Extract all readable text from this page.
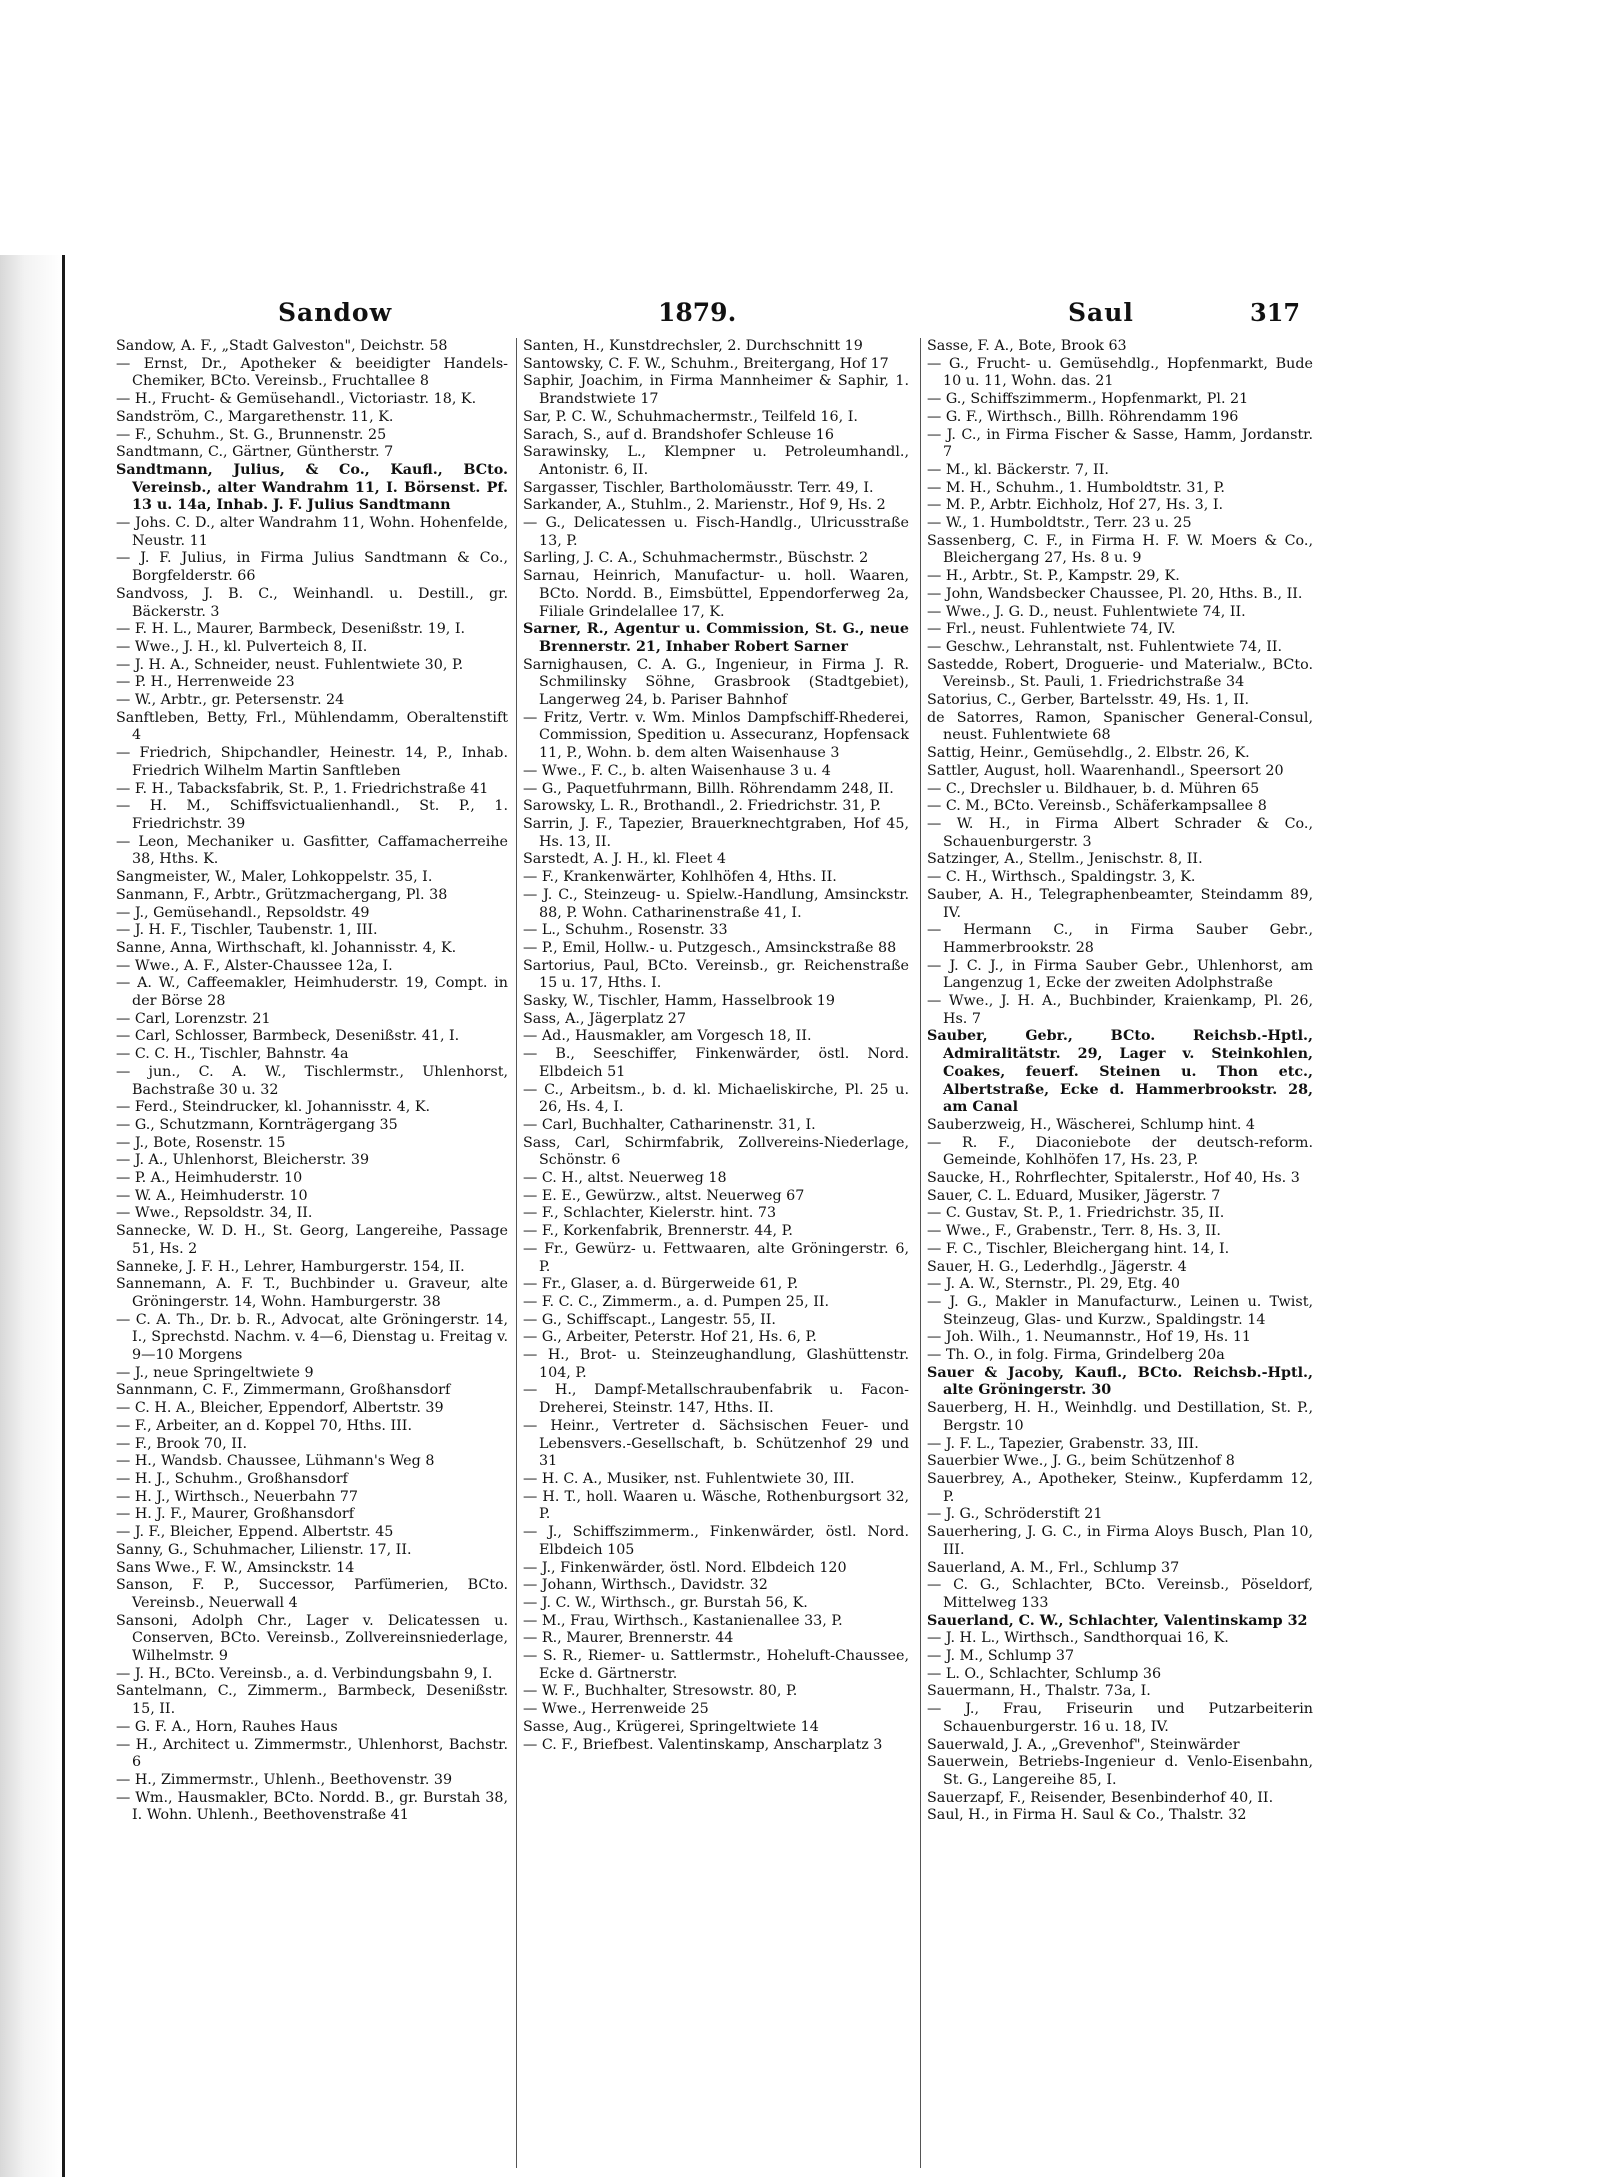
Sandow	1879.	Saul	317

Sandow, A. F., „Stadt Galveston", Deichstr. 58

— Ernst, Dr., Apotheker & beeidigter Handels-Chemiker, BCto. Vereinsb., Fruchtallee 8

— H., Frucht- & Gemüsehandl., Victoriastr. 18, K.

Sandström, C., Margarethenstr. 11, K.

— F., Schuhm., St. G., Brunnenstr. 25

Sandtmann, C., Gärtner, Güntherstr. 7

Sandtmann, Julius, & Co., Kaufl., BCto. Vereinsb., alter Wandrahm 11, I. Börsenst. Pf. 13 u. 14a, Inhab. J. F. Julius Sandtmann

— Johs. C. D., alter Wandrahm 11, Wohn. Hohenfelde, Neustr. 11

— J. F. Julius, in Firma Julius Sandtmann & Co., Borgfelderstr. 66

Sandvoss, J. B. C., Weinhandl. u. Destill., gr. Bäckerstr. 3

— F. H. L., Maurer, Barmbeck, Desenißstr. 19, I.

— Wwe., J. H., kl. Pulverteich 8, II.

— J. H. A., Schneider, neust. Fuhlentwiete 30, P.

— P. H., Herrenweide 23

— W., Arbtr., gr. Petersenstr. 24

Sanftleben, Betty, Frl., Mühlendamm, Oberaltenstift 4

— Friedrich, Shipchandler, Heinestr. 14, P., Inhab. Friedrich Wilhelm Martin Sanftleben

— F. H., Tabacksfabrik, St. P., 1. Friedrichstraße 41

— H. M., Schiffsvictualienhandl., St. P., 1. Friedrichstr. 39

— Leon, Mechaniker u. Gasfitter, Caffamacherreihe 38, Hths. K.

Sangmeister, W., Maler, Lohkoppelstr. 35, I.

Sanmann, F., Arbtr., Grützmachergang, Pl. 38

— J., Gemüsehandl., Repsoldstr. 49

— J. H. F., Tischler, Taubenstr. 1, III.

Sanne, Anna, Wirthschaft, kl. Johannisstr. 4, K.

— Wwe., A. F., Alster-Chaussee 12a, I.

— A. W., Caffeemakler, Heimhuderstr. 19, Compt. in der Börse 28

— Carl, Lorenzstr. 21

— Carl, Schlosser, Barmbeck, Desenißstr. 41, I.

— C. C. H., Tischler, Bahnstr. 4a

— jun., C. A. W., Tischlermstr., Uhlenhorst, Bachstraße 30 u. 32

— Ferd., Steindrucker, kl. Johannisstr. 4, K.

— G., Schutzmann, Kornträgergang 35

— J., Bote, Rosenstr. 15

— J. A., Uhlenhorst, Bleicherstr. 39

— P. A., Heimhuderstr. 10

— W. A., Heimhuderstr. 10

— Wwe., Repsoldstr. 34, II.

Sannecke, W. D. H., St. Georg, Langereihe, Passage 51, Hs. 2

Sanneke, J. F. H., Lehrer, Hamburgerstr. 154, II.

Sannemann, A. F. T., Buchbinder u. Graveur, alte Gröningerstr. 14, Wohn. Hamburgerstr. 38

— C. A. Th., Dr. b. R., Advocat, alte Gröningerstr. 14, I., Sprechstd. Nachm. v. 4—6, Dienstag u. Freitag v. 9—10 Morgens

— J., neue Springeltwiete 9

Sannmann, C. F., Zimmermann, Großhansdorf

— C. H. A., Bleicher, Eppendorf, Albertstr. 39

— F., Arbeiter, an d. Koppel 70, Hths. III.

— F., Brook 70, II.

— H., Wandsb. Chaussee, Lühmann's Weg 8

— H. J., Schuhm., Großhansdorf

— H. J., Wirthsch., Neuerbahn 77

— H. J. F., Maurer, Großhansdorf

— J. F., Bleicher, Eppend. Albertstr. 45

Sanny, G., Schuhmacher, Lilienstr. 17, II.

Sans Wwe., F. W., Amsinckstr. 14

Sanson, F. P., Successor, Parfümerien, BCto. Vereinsb., Neuerwall 4

Sansoni, Adolph Chr., Lager v. Delicatessen u. Conserven, BCto. Vereinsb., Zollvereinsniederlage, Wilhelmstr. 9

— J. H., BCto. Vereinsb., a. d. Verbindungsbahn 9, I.

Santelmann, C., Zimmerm., Barmbeck, Desenißstr. 15, II.

— G. F. A., Horn, Rauhes Haus

— H., Architect u. Zimmermstr., Uhlenhorst, Bachstr. 6

— H., Zimmermstr., Uhlenh., Beethovenstr. 39

— Wm., Hausmakler, BCto. Nordd. B., gr. Burstah 38, I. Wohn. Uhlenh., Beethovenstraße 41

Santen, H., Kunstdrechsler, 2. Durchschnitt 19

Santowsky, C. F. W., Schuhm., Breitergang, Hof 17

Saphir, Joachim, in Firma Mannheimer & Saphir, 1. Brandstwiete 17

Sar, P. C. W., Schuhmachermstr., Teilfeld 16, I.

Sarach, S., auf d. Brandshofer Schleuse 16

Sarawinsky, L., Klempner u. Petroleumhandl., Antonistr. 6, II.

Sargasser, Tischler, Bartholomäusstr. Terr. 49, I.

Sarkander, A., Stuhlm., 2. Marienstr., Hof 9, Hs. 2

— G., Delicatessen u. Fisch-Handlg., Ulricusstraße 13, P.

Sarling, J. C. A., Schuhmachermstr., Büschstr. 2

Sarnau, Heinrich, Manufactur- u. holl. Waaren, BCto. Nordd. B., Eimsbüttel, Eppendorferweg 2a, Filiale Grindelallee 17, K.

Sarner, R., Agentur u. Commission, St. G., neue Brennerstr. 21, Inhaber Robert Sarner

Sarnighausen, C. A. G., Ingenieur, in Firma J. R. Schmilinsky Söhne, Grasbrook (Stadtgebiet), Langerweg 24, b. Pariser Bahnhof

— Fritz, Vertr. v. Wm. Minlos Dampfschiff-Rhederei, Commission, Spedition u. Assecuranz, Hopfensack 11, P., Wohn. b. dem alten Waisenhause 3

— Wwe., F. C., b. alten Waisenhause 3 u. 4

— G., Paquetfuhrmann, Billh. Röhrendamm 248, II.

Sarowsky, L. R., Brothandl., 2. Friedrichstr. 31, P.

Sarrin, J. F., Tapezier, Brauerknechtgraben, Hof 45, Hs. 13, II.

Sarstedt, A. J. H., kl. Fleet 4

— F., Krankenwärter, Kohlhöfen 4, Hths. II.

— J. C., Steinzeug- u. Spielw.-Handlung, Amsinckstr. 88, P. Wohn. Catharinenstraße 41, I.

— L., Schuhm., Rosenstr. 33

— P., Emil, Hollw.- u. Putzgesch., Amsinckstraße 88

Sartorius, Paul, BCto. Vereinsb., gr. Reichenstraße 15 u. 17, Hths. I.

Sasky, W., Tischler, Hamm, Hasselbrook 19

Sass, A., Jägerplatz 27

— Ad., Hausmakler, am Vorgesch 18, II.

— B., Seeschiffer, Finkenwärder, östl. Nord. Elbdeich 51

— C., Arbeitsm., b. d. kl. Michaeliskirche, Pl. 25 u. 26, Hs. 4, I.

— Carl, Buchhalter, Catharinenstr. 31, I.

Sass, Carl, Schirmfabrik, Zollvereins-Niederlage, Schönstr. 6

— C. H., altst. Neuerweg 18

— E. E., Gewürzw., altst. Neuerweg 67

— F., Schlachter, Kielerstr. hint. 73

— F., Korkenfabrik, Brennerstr. 44, P.

— Fr., Gewürz- u. Fettwaaren, alte Gröningerstr. 6, P.

— Fr., Glaser, a. d. Bürgerweide 61, P.

— F. C. C., Zimmerm., a. d. Pumpen 25, II.

— G., Schiffscapt., Langestr. 55, II.

— G., Arbeiter, Peterstr. Hof 21, Hs. 6, P.

— H., Brot- u. Steinzeughandlung, Glashüttenstr. 104, P.

— H., Dampf-Metallschraubenfabrik u. Facon-Dreherei, Steinstr. 147, Hths. II.

— Heinr., Vertreter d. Sächsischen Feuer- und Lebensvers.-Gesellschaft, b. Schützenhof 29 und 31

— H. C. A., Musiker, nst. Fuhlentwiete 30, III.

— H. T., holl. Waaren u. Wäsche, Rothenburgsort 32, P.

— J., Schiffszimmerm., Finkenwärder, östl. Nord. Elbdeich 105

— J., Finkenwärder, östl. Nord. Elbdeich 120

— Johann, Wirthsch., Davidstr. 32

— J. C. W., Wirthsch., gr. Burstah 56, K.

— M., Frau, Wirthsch., Kastanienallee 33, P.

— R., Maurer, Brennerstr. 44

— S. R., Riemer- u. Sattlermstr., Hoheluft-Chaussee, Ecke d. Gärtnerstr.

— W. F., Buchhalter, Stresowstr. 80, P.

— Wwe., Herrenweide 25

Sasse, Aug., Krügerei, Springeltwiete 14

— C. F., Briefbest. Valentinskamp, Anscharplatz 3

Sasse, F. A., Bote, Brook 63

— G., Frucht- u. Gemüsehdlg., Hopfenmarkt, Bude 10 u. 11, Wohn. das. 21

— G., Schiffszimmerm., Hopfenmarkt, Pl. 21

— G. F., Wirthsch., Billh. Röhrendamm 196

— J. C., in Firma Fischer & Sasse, Hamm, Jordanstr. 7

— M., kl. Bäckerstr. 7, II.

— M. H., Schuhm., 1. Humboldtstr. 31, P.

— M. P., Arbtr. Eichholz, Hof 27, Hs. 3, I.

— W., 1. Humboldtstr., Terr. 23 u. 25

Sassenberg, C. F., in Firma H. F. W. Moers & Co., Bleichergang 27, Hs. 8 u. 9

— H., Arbtr., St. P., Kampstr. 29, K.

— John, Wandsbecker Chaussee, Pl. 20, Hths. B., II.

— Wwe., J. G. D., neust. Fuhlentwiete 74, II.

— Frl., neust. Fuhlentwiete 74, IV.

— Geschw., Lehranstalt, nst. Fuhlentwiete 74, II.

Sastedde, Robert, Droguerie- und Materialw., BCto. Vereinsb., St. Pauli, 1. Friedrichstraße 34

Satorius, C., Gerber, Bartelsstr. 49, Hs. 1, II.

de Satorres, Ramon, Spanischer General-Consul, neust. Fuhlentwiete 68

Sattig, Heinr., Gemüsehdlg., 2. Elbstr. 26, K.

Sattler, August, holl. Waarenhandl., Speersort 20

— C., Drechsler u. Bildhauer, b. d. Mühren 65

— C. M., BCto. Vereinsb., Schäferkampsallee 8

— W. H., in Firma Albert Schrader & Co., Schauenburgerstr. 3

Satzinger, A., Stellm., Jenischstr. 8, II.

— C. H., Wirthsch., Spaldingstr. 3, K.

Sauber, A. H., Telegraphenbeamter, Steindamm 89, IV.

— Hermann C., in Firma Sauber Gebr., Hammerbrookstr. 28

— J. C. J., in Firma Sauber Gebr., Uhlenhorst, am Langenzug 1, Ecke der zweiten Adolphstraße

— Wwe., J. H. A., Buchbinder, Kraienkamp, Pl. 26, Hs. 7

Sauber, Gebr., BCto. Reichsb.-Hptl., Admiralitätstr. 29, Lager v. Steinkohlen, Coakes, feuerf. Steinen u. Thon etc., Albertstraße, Ecke d. Hammerbrookstr. 28, am Canal

Sauberzweig, H., Wäscherei, Schlump hint. 4

— R. F., Diaconiebote der deutsch-reform. Gemeinde, Kohlhöfen 17, Hs. 23, P.

Saucke, H., Rohrflechter, Spitalerstr., Hof 40, Hs. 3

Sauer, C. L. Eduard, Musiker, Jägerstr. 7

— C. Gustav, St. P., 1. Friedrichstr. 35, II.

— Wwe., F., Grabenstr., Terr. 8, Hs. 3, II.

— F. C., Tischler, Bleichergang hint. 14, I.

Sauer, H. G., Lederhdlg., Jägerstr. 4

— J. A. W., Sternstr., Pl. 29, Etg. 40

— J. G., Makler in Manufacturw., Leinen u. Twist, Steinzeug, Glas- und Kurzw., Spaldingstr. 14

— Joh. Wilh., 1. Neumannstr., Hof 19, Hs. 11

— Th. O., in folg. Firma, Grindelberg 20a

Sauer & Jacoby, Kaufl., BCto. Reichsb.-Hptl., alte Gröningerstr. 30

Sauerberg, H. H., Weinhdlg. und Destillation, St. P., Bergstr. 10

— J. F. L., Tapezier, Grabenstr. 33, III.

Sauerbier Wwe., J. G., beim Schützenhof 8

Sauerbrey, A., Apotheker, Steinw., Kupferdamm 12, P.

— J. G., Schröderstift 21

Sauerhering, J. G. C., in Firma Aloys Busch, Plan 10, III.

Sauerland, A. M., Frl., Schlump 37

— C. G., Schlachter, BCto. Vereinsb., Pöseldorf, Mittelweg 133

Sauerland, C. W., Schlachter, Valentinskamp 32

— J. H. L., Wirthsch., Sandthorquai 16, K.

— J. M., Schlump 37

— L. O., Schlachter, Schlump 36

Sauermann, H., Thalstr. 73a, I.

— J., Frau, Friseurin und Putzarbeiterin Schauenburgerstr. 16 u. 18, IV.

Sauerwald, J. A., „Grevenhof", Steinwärder

Sauerwein, Betriebs-Ingenieur d. Venlo-Eisenbahn, St. G., Langereihe 85, I.

Sauerzapf, F., Reisender, Besenbinderhof 40, II.

Saul, H., in Firma H. Saul & Co., Thalstr. 32
